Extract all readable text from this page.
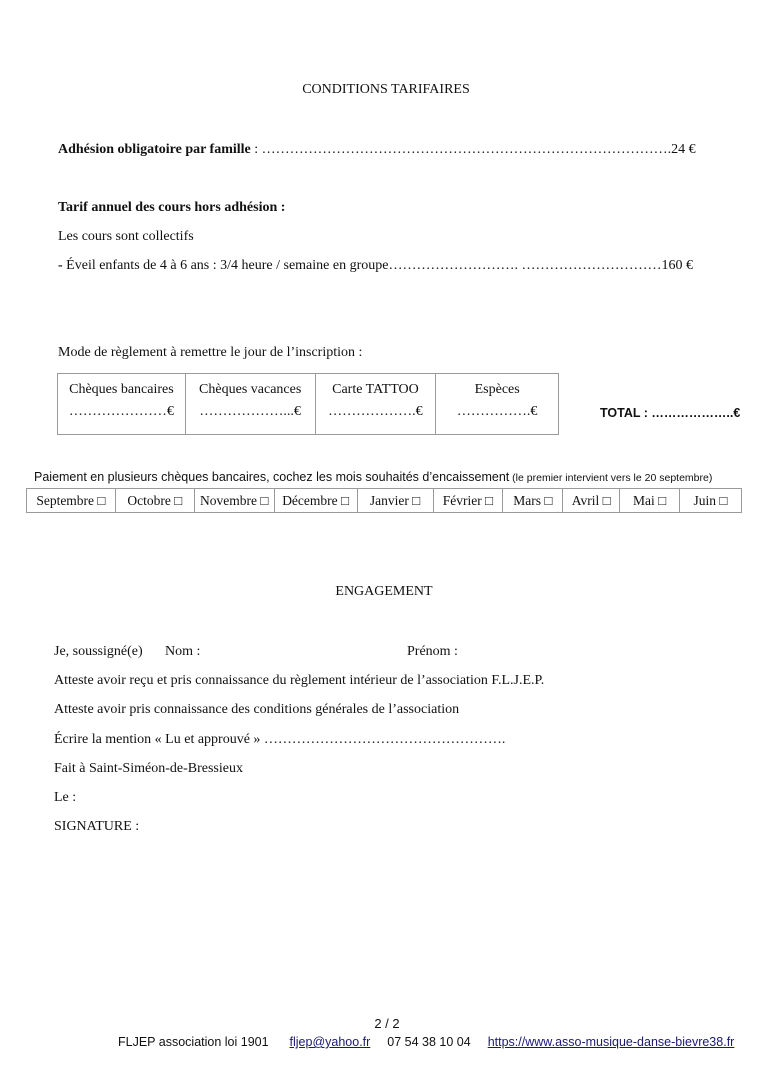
CONDITIONS TARIFAIRES
Adhésion obligatoire par famille : …………………………………………………………………………….24 €
Tarif annuel des cours hors adhésion :
Les cours sont collectifs
- Éveil enfants de 4 à 6 ans : 3/4 heure / semaine en groupe………………………. …………………………160 €
Mode de règlement à remettre le jour de l’inscription :
Chèques bancaires
…………………€

Chèques vacances
………………...€

Carte TATTOO
……………….€

Espèces
…………….€	TOTAL : ………………..€
Paiement en plusieurs chèques bancaires, cochez les mois souhaités d’encaissement (le premier intervient vers le 20 septembre)
Septembre □	Octobre □	Novembre □	Décembre □	Janvier □	Février □	Mars □	Avril □	Mai □	Juin □
ENGAGEMENT
Je, soussigné(e) Nom :	Prénom :
Atteste avoir reçu et pris connaissance du règlement intérieur de l’association F.L.J.E.P.
Atteste avoir pris connaissance des conditions générales de l’association
Écrire la mention « Lu et approuvé » …………………………………………….
Fait à Saint-Siméon-de-Bressieux
Le :
SIGNATURE :
2 / 2
FLJEP association loi 1901 fljep@yahoo.fr 07 54 38 10 04 https://www.asso-musique-danse-bievre38.fr
